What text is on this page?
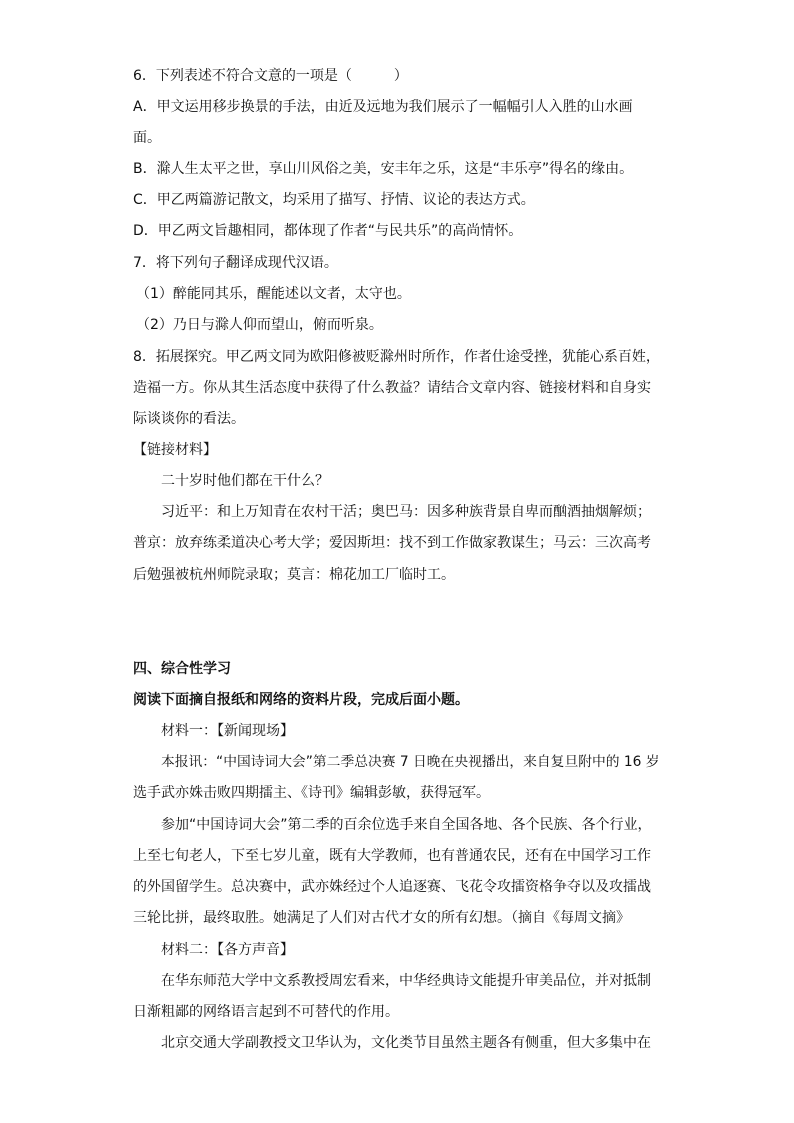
6．下列表述不符合文意的一项是（　　　）
A．甲文运用移步换景的手法，由近及远地为我们展示了一幅幅引人入胜的山水画
面。
B．滁人生太平之世，享山川风俗之美，安丰年之乐，这是“丰乐亭”得名的缘由。
C．甲乙两篇游记散文，均采用了描写、抒情、议论的表达方式。
D．甲乙两文旨趣相同，都体现了作者“与民共乐”的高尚情怀。
7．将下列句子翻译成现代汉语。
（1）醉能同其乐，醒能述以文者，太守也。
（2）乃日与滁人仰而望山，俯而听泉。
8．拓展探究。甲乙两文同为欧阳修被贬滁州时所作，作者仕途受挫，犹能心系百姓，
造福一方。你从其生活态度中获得了什么教益？请结合文章内容、链接材料和自身实
际谈谈你的看法。
【链接材料】
二十岁时他们都在干什么？
习近平：和上万知青在农村干活；奥巴马：因多种族背景自卑而酗酒抽烟解烦；
普京：放弃练柔道决心考大学；爱因斯坦：找不到工作做家教谋生；马云：三次高考
后勉强被杭州师院录取；莫言：棉花加工厂临时工。
四、综合性学习
阅读下面摘自报纸和网络的资料片段，完成后面小题。
材料一：【新闻现场】
本报讯：“中国诗词大会”第二季总决赛 7 日晚在央视播出，来自复旦附中的 16 岁
选手武亦姝击败四期擂主、《诗刊》编辑彭敏，获得冠军。
参加“中国诗词大会”第二季的百余位选手来自全国各地、各个民族、各个行业，
上至七旬老人，下至七岁儿童，既有大学教师，也有普通农民，还有在中国学习工作
的外国留学生。总决赛中，武亦姝经过个人追逐赛、飞花令攻擂资格争夺以及攻擂战
三轮比拼，最终取胜。她满足了人们对古代才女的所有幻想。（摘自《每周文摘》
材料二：【各方声音】
在华东师范大学中文系教授周宏看来，中华经典诗文能提升审美品位，并对抵制
日渐粗鄙的网络语言起到不可替代的作用。
北京交通大学副教授文卫华认为，文化类节目虽然主题各有侧重，但大多集中在
